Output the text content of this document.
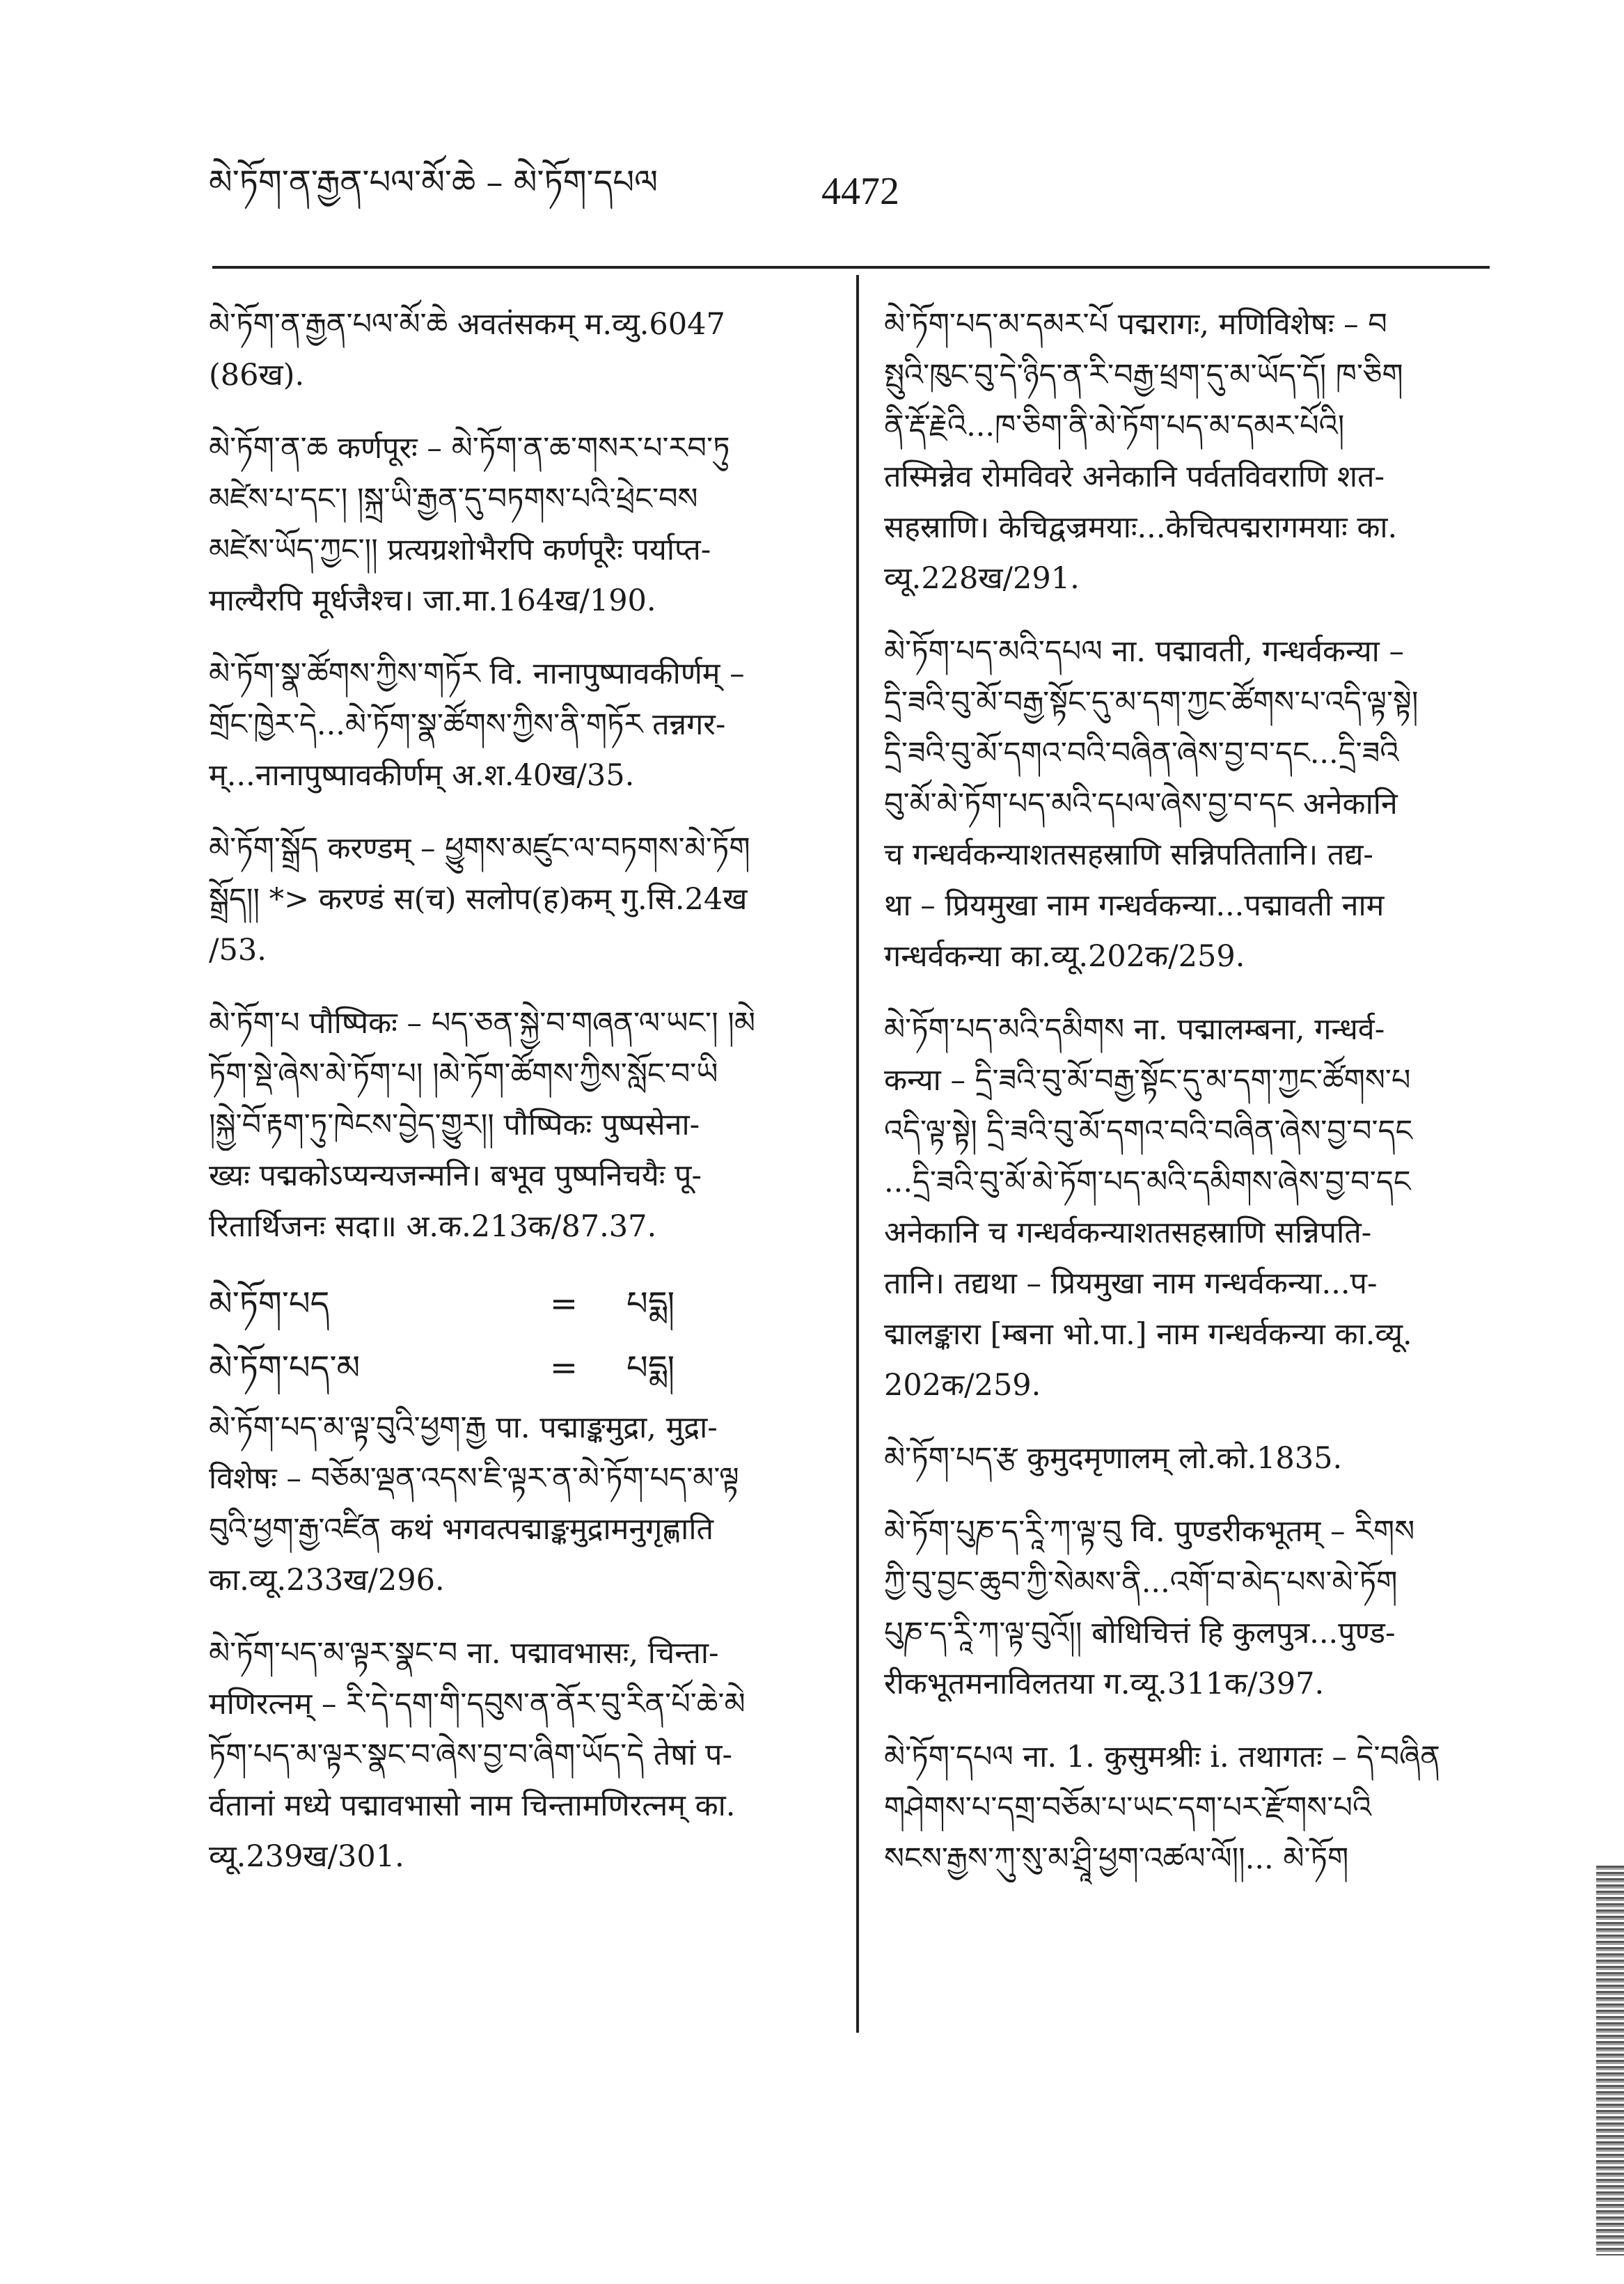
མེ་ཏོག་ན་རྒྱན་པལ་མོ་ཆེ – མེ་ཏོག་དཔལ	4472
མེ་ཏོག་ན་རྒྱན་པལ་མོ་ཆེ अवतंसकम् म.व्यु.6047
(86ख).
མེ་ཏོག་ན་ཆ कर्णपूरः – མེ་ཏོག་ན་ཆ་གསར་པ་རབ་ཏུ
མཛེས་པ་དང་། །སྐྲ་ཡི་རྒྱན་དུ་བཏགས་པའི་ཕྲེང་བས
མཛེས་ཡོད་ཀྱང་།། प्रत्यग्रशोभैरपि कर्णपूरैः पर्याप्त-
माल्यैरपि मूर्धजैश्च। जा.मा.164ख/190.
མེ་ཏོག་སྣ་ཚོགས་ཀྱིས་གཏོར वि. नानापुष्पावकीर्णम् –
གྲོང་ཁྱེར་དེ...མེ་ཏོག་སྣ་ཚོགས་ཀྱིས་ནི་གཏོར तन्नगर-
म्...नानापुष्पावकीर्णम् अ.श.40ख/35.
མེ་ཏོག་སྒྲོད करण्डम् – ཕྱུགས་མཛུང་ལ་བཏགས་མེ་ཏོག
སྒྲོད།། *> करण्डं स(च) सलोप(ह)कम् गु.सि.24ख
/53.
མེ་ཏོག་པ पौष्पिकः – པད་ཅན་སྐྱེ་བ་གཞན་ལ་ཡང་། །མེ
ཏོག་སྡེ་ཞེས་མེ་ཏོག་པ། །མེ་ཏོག་ཚོགས་ཀྱིས་སློང་བ་ཡི
།སྐྱེ་བོ་རྟག་ཏུ་ཁེངས་བྱེད་གྱུར།། पौष्पिकः पुष्पसेना-
ख्यः पद्मकोऽप्यन्यजन्मनि। बभूव पुष्पनिचयैः पू-
रितार्थिजनः सदा॥ अ.क.213क/87.37.
མེ་ཏོག་པད	=	པདྨ།
མེ་ཏོག་པད་མ	=	པདྨ།
མེ་ཏོག་པད་མ་ལྟ་བུའི་ཕྱག་རྒྱ पा. पद्माङ्कमुद्रा, मुद्रा-
विशेषः – བཅོམ་ལྡན་འདས་ཇི་ལྟར་ན་མེ་ཏོག་པད་མ་ལྟ
བུའི་ཕྱག་རྒྱ་འཛིན कथं भगवत्पद्माङ्कमुद्रामनुगृह्णाति
का.व्यू.233ख/296.
མེ་ཏོག་པད་མ་ལྟར་སྣང་བ ना. पद्मावभासः, चिन्ता-
मणिरत्नम् – རི་དེ་དག་གི་དབུས་ན་ནོར་བུ་རིན་པོ་ཆེ་མེ
ཏོག་པད་མ་ལྟར་སྣང་བ་ཞེས་བྱ་བ་ཞིག་ཡོད་དེ तेषां प-
र्वतानां मध्ये पद्मावभासो नाम चिन्तामणिरत्नम् का.
व्यू.239ख/301.
མེ་ཏོག་པད་མ་དམར་པོ पद्मरागः, मणिविशेषः – བ
སྤུའི་ཁུང་བུ་དེ་ཉིད་ན་རི་བརྒྱ་ཕྲག་དུ་མ་ཡོད་དོ། ཁ་ཅིག
ནི་རྡོ་རྗེའི...ཁ་ཅིག་ནི་མེ་ཏོག་པད་མ་དམར་པོའི།
तस्मिन्नेव रोमविवरे अनेकानि पर्वतविवराणि शत-
सहस्राणि। केचिद्वज्रमयाः...केचित्पद्मरागमयाः का.
व्यू.228ख/291.
མེ་ཏོག་པད་མའི་དཔལ ना. पद्मावती, गन्धर्वकन्या –
དྲི་ཟའི་བུ་མོ་བརྒྱ་སྟོང་དུ་མ་དག་ཀྱང་ཚོགས་པ་འདི་ལྟ་སྟེ།
དྲི་ཟའི་བུ་མོ་དགའ་བའི་བཞིན་ཞེས་བྱ་བ་དང...དྲི་ཟའི
བུ་མོ་མེ་ཏོག་པད་མའི་དཔལ་ཞེས་བྱ་བ་དང अनेकानि
च गन्धर्वकन्याशतसहस्राणि सन्निपतितानि। तद्य-
था – प्रियमुखा नाम गन्धर्वकन्या...पद्मावती नाम
गन्धर्वकन्या का.व्यू.202क/259.
མེ་ཏོག་པད་མའི་དམིགས ना. पद्मालम्बना, गन्धर्व-
कन्या – དྲི་ཟའི་བུ་མོ་བརྒྱ་སྟོང་དུ་མ་དག་ཀྱང་ཚོགས་པ
འདི་ལྟ་སྟེ། དྲི་ཟའི་བུ་མོ་དགའ་བའི་བཞིན་ཞེས་བྱ་བ་དང
...དྲི་ཟའི་བུ་མོ་མེ་ཏོག་པད་མའི་དམིགས་ཞེས་བྱ་བ་དང
अनेकानि च गन्धर्वकन्याशतसहस्राणि सन्निपति-
तानि। तद्यथा – प्रियमुखा नाम गन्धर्वकन्या...प-
द्मालङ्कारा [म्बना भो.पा.] नाम गन्धर्वकन्या का.व्यू.
202क/259.
མེ་ཏོག་པད་རྩ कुमुदमृणालम् लो.को.1835.
མེ་ཏོག་པུཎ་ད་རཱི་ཀ་ལྟ་བུ वि. पुण्डरीकभूतम् – རིགས
ཀྱི་བུ་བྱང་ཆུབ་ཀྱི་སེམས་ནི...འགོ་བ་མེད་པས་མེ་ཏོག
པུཎ་ད་རཱི་ཀ་ལྟ་བུའོ།། बोधिचित्तं हि कुलपुत्र...पुण्ड-
रीकभूतमनाविलतया ग.व्यू.311क/397.
མེ་ཏོག་དཔལ ना. 1. कुसुमश्रीः i. तथागतः – དེ་བཞིན
གཤེགས་པ་དགྲ་བཅོམ་པ་ཡང་དག་པར་རྫོགས་པའི
སངས་རྒྱས་ཀུ་སུ་མ་ཤྲཱི་ཕྱག་འཚལ་ལོ།།... མེ་ཏོག
